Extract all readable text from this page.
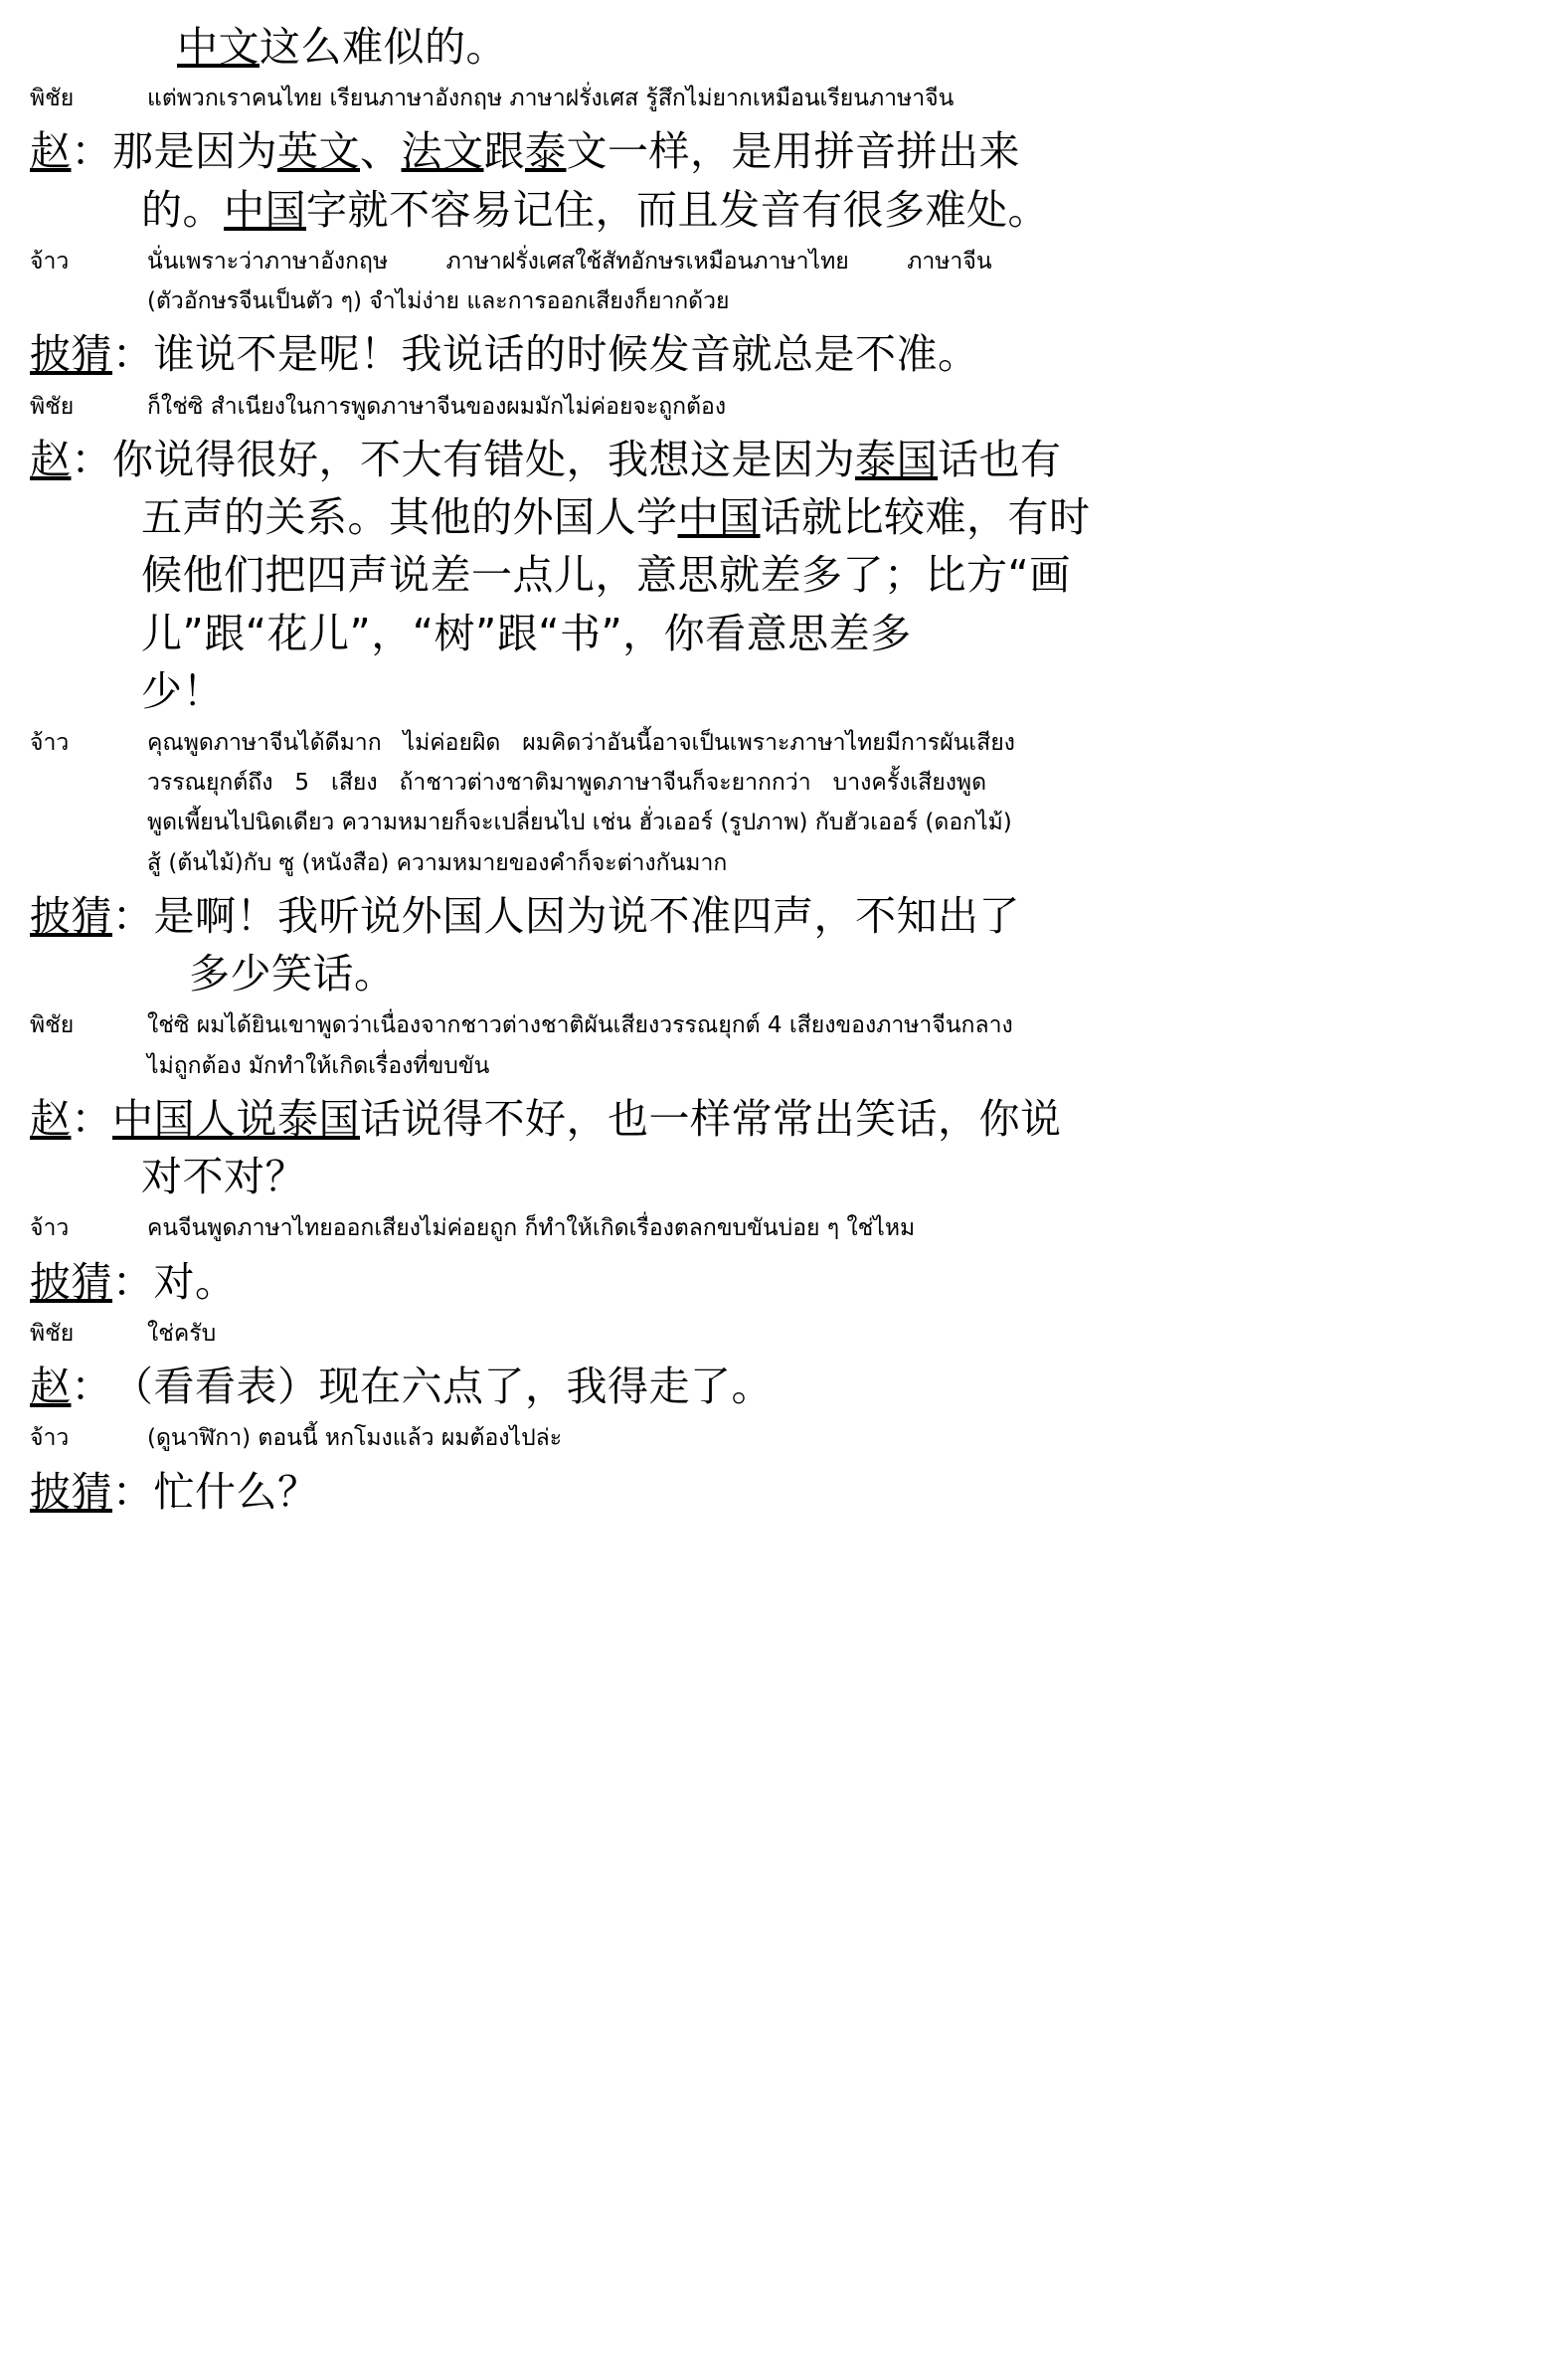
中文这么难似的。
พิชัย	แต่พวกเราคนไทย เรียนภาษาอังกฤษ ภาษาฝรั่งเศส รู้สึกไม่ยากเหมือนเรียนภาษาจีน
赵 ： 那是因为英文、法文跟泰文一样，是用拼音拼出来
的。中国字就不容易记住，而且发音有很多难处。
จ้าว	นั่นเพราะว่าภาษาอังกฤษ        ภาษาฝรั่งเศสใช้สัทอักษรเหมือนภาษาไทย        ภาษาจีน
(ตัวอักษรจีนเป็นตัว ๆ) จำไม่ง่าย และการออกเสียงก็ยากด้วย
披猜 ： 谁说不是呢！我说话的时候发音就总是不准。
พิชัย	ก็ใช่ซิ สำเนียงในการพูดภาษาจีนของผมมักไม่ค่อยจะถูกต้อง
赵 ： 你说得很好，不大有错处，我想这是因为泰国话也有
五声的关系。其他的外国人学中国话就比较难，有时
候他们把四声说差一点儿，意思就差多了；比方“画
儿”跟“花儿”，“树”跟“书”，你看意思差多
少！
จ้าว	คุณพูดภาษาจีนได้ดีมาก   ไม่ค่อยผิด   ผมคิดว่าอันนี้อาจเป็นเพราะภาษาไทยมีการผันเสียง
วรรณยุกต์ถึง   5   เสียง   ถ้าชาวต่างชาติมาพูดภาษาจีนก็จะยากกว่า   บางครั้งเสียงพูด
พูดเพี้ยนไปนิดเดียว ความหมายก็จะเปลี่ยนไป เช่น ฮั่วเออร์ (รูปภาพ) กับฮัวเออร์ (ดอกไม้)
สู้ (ต้นไม้)กับ ซู (หนังสือ) ความหมายของคำก็จะต่างกันมาก
披猜 ： 是啊！我听说外国人因为说不准四声，不知出了
多少笑话。
พิชัย	ใช่ซิ ผมได้ยินเขาพูดว่าเนื่องจากชาวต่างชาติผันเสียงวรรณยุกต์ 4 เสียงของภาษาจีนกลาง
ไม่ถูกต้อง มักทำให้เกิดเรื่องที่ขบขัน
赵 ： 中国人说泰国话说得不好，也一样常常出笑话，你说
对不对？
จ้าว	คนจีนพูดภาษาไทยออกเสียงไม่ค่อยถูก ก็ทำให้เกิดเรื่องตลกขบขันบ่อย ๆ ใช่ไหม
披猜 ： 对。
พิชัย	ใช่ครับ
赵 ： （看看表）现在六点了，我得走了。
จ้าว	(ดูนาฬิกา) ตอนนี้ หกโมงแล้ว ผมต้องไปล่ะ
披猜 ： 忙什么？
